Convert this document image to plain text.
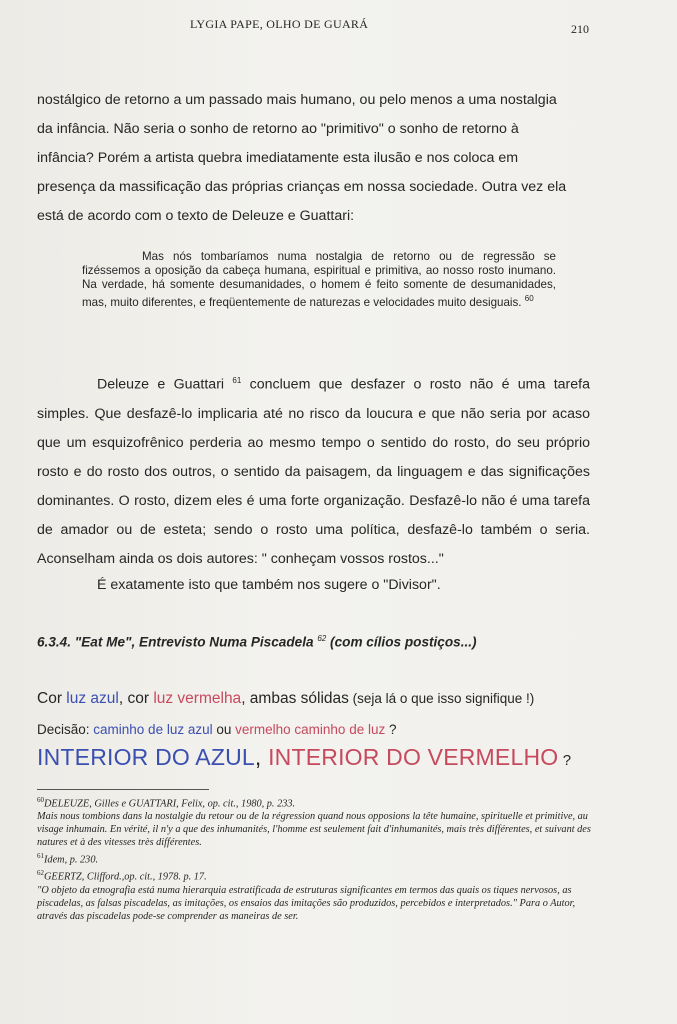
LYGIA PAPE, OLHO DE GUARÁ	210
nostálgico de retorno a um passado mais humano, ou pelo menos a uma nostalgia
da infância. Não seria o sonho de retorno ao "primitivo" o sonho de retorno à
infância? Porém a artista quebra imediatamente esta ilusão e nos coloca em
presença da massificação das próprias crianças em nossa sociedade. Outra vez ela
está de acordo com o texto de Deleuze e Guattari:
Mas nós tombaríamos numa nostalgia de retorno ou de regressão se fizéssemos a oposição da cabeça humana, espiritual e primitiva, ao nosso rosto inumano. Na verdade, há somente desumanidades, o homem é feito somente de desumanidades, mas, muito diferentes, e freqüentemente de naturezas e velocidades muito desiguais. $^{60}$
Deleuze e Guattari $^{61}$ concluem que desfazer o rosto não é uma tarefa simples. Que desfazê-lo implicaria até no risco da loucura e que não seria por acaso que um esquizofrênico perderia ao mesmo tempo o sentido do rosto, do seu próprio rosto e do rosto dos outros, o sentido da paisagem, da linguagem e das significações dominantes. O rosto, dizem eles é uma forte organização. Desfazê-lo não é uma tarefa de amador ou de esteta; sendo o rosto uma política, desfazê-lo também o seria. Aconselham ainda os dois autores: " conheçam vossos rostos..."
É exatamente isto que também nos sugere o "Divisor".
6.3.4. "Eat Me", Entrevisto Numa Piscadela $^{62}$ (com cílios postiços...)
Cor luz azul, cor luz vermelha, ambas sólidas (seja lá o que isso signifique !)
Decisão: caminho de luz azul ou vermelho caminho de luz ?
INTERIOR DO AZUL, INTERIOR DO VERMELHO ?
$^{60}$DELEUZE, Gilles e GUATTARI, Felix, op. cit., 1980, p. 233.
Mais nous tombions dans la nostalgie du retour ou de la régression quand nous opposions la tête humaine, spirituelle et primitive, au visage inhumain. En vérité, il n'y a que des inhumanités, l'homme est seulement fait d'inhumanités, mais très différentes, et suivant des natures et à des vitesses très différentes.
$^{61}$Idem, p. 230.
$^{62}$GEERTZ, Clifford.,op. cit., 1978. p. 17.
"O objeto da etnografia está numa hierarquia estratificada de estruturas significantes em termos das quais os tiques nervosos, as piscadelas, as falsas piscadelas, as imitações, os ensaios das imitações são produzidos, percebidos e interpretados." Para o Autor, através das piscadelas pode-se comprender as maneiras de ser.
